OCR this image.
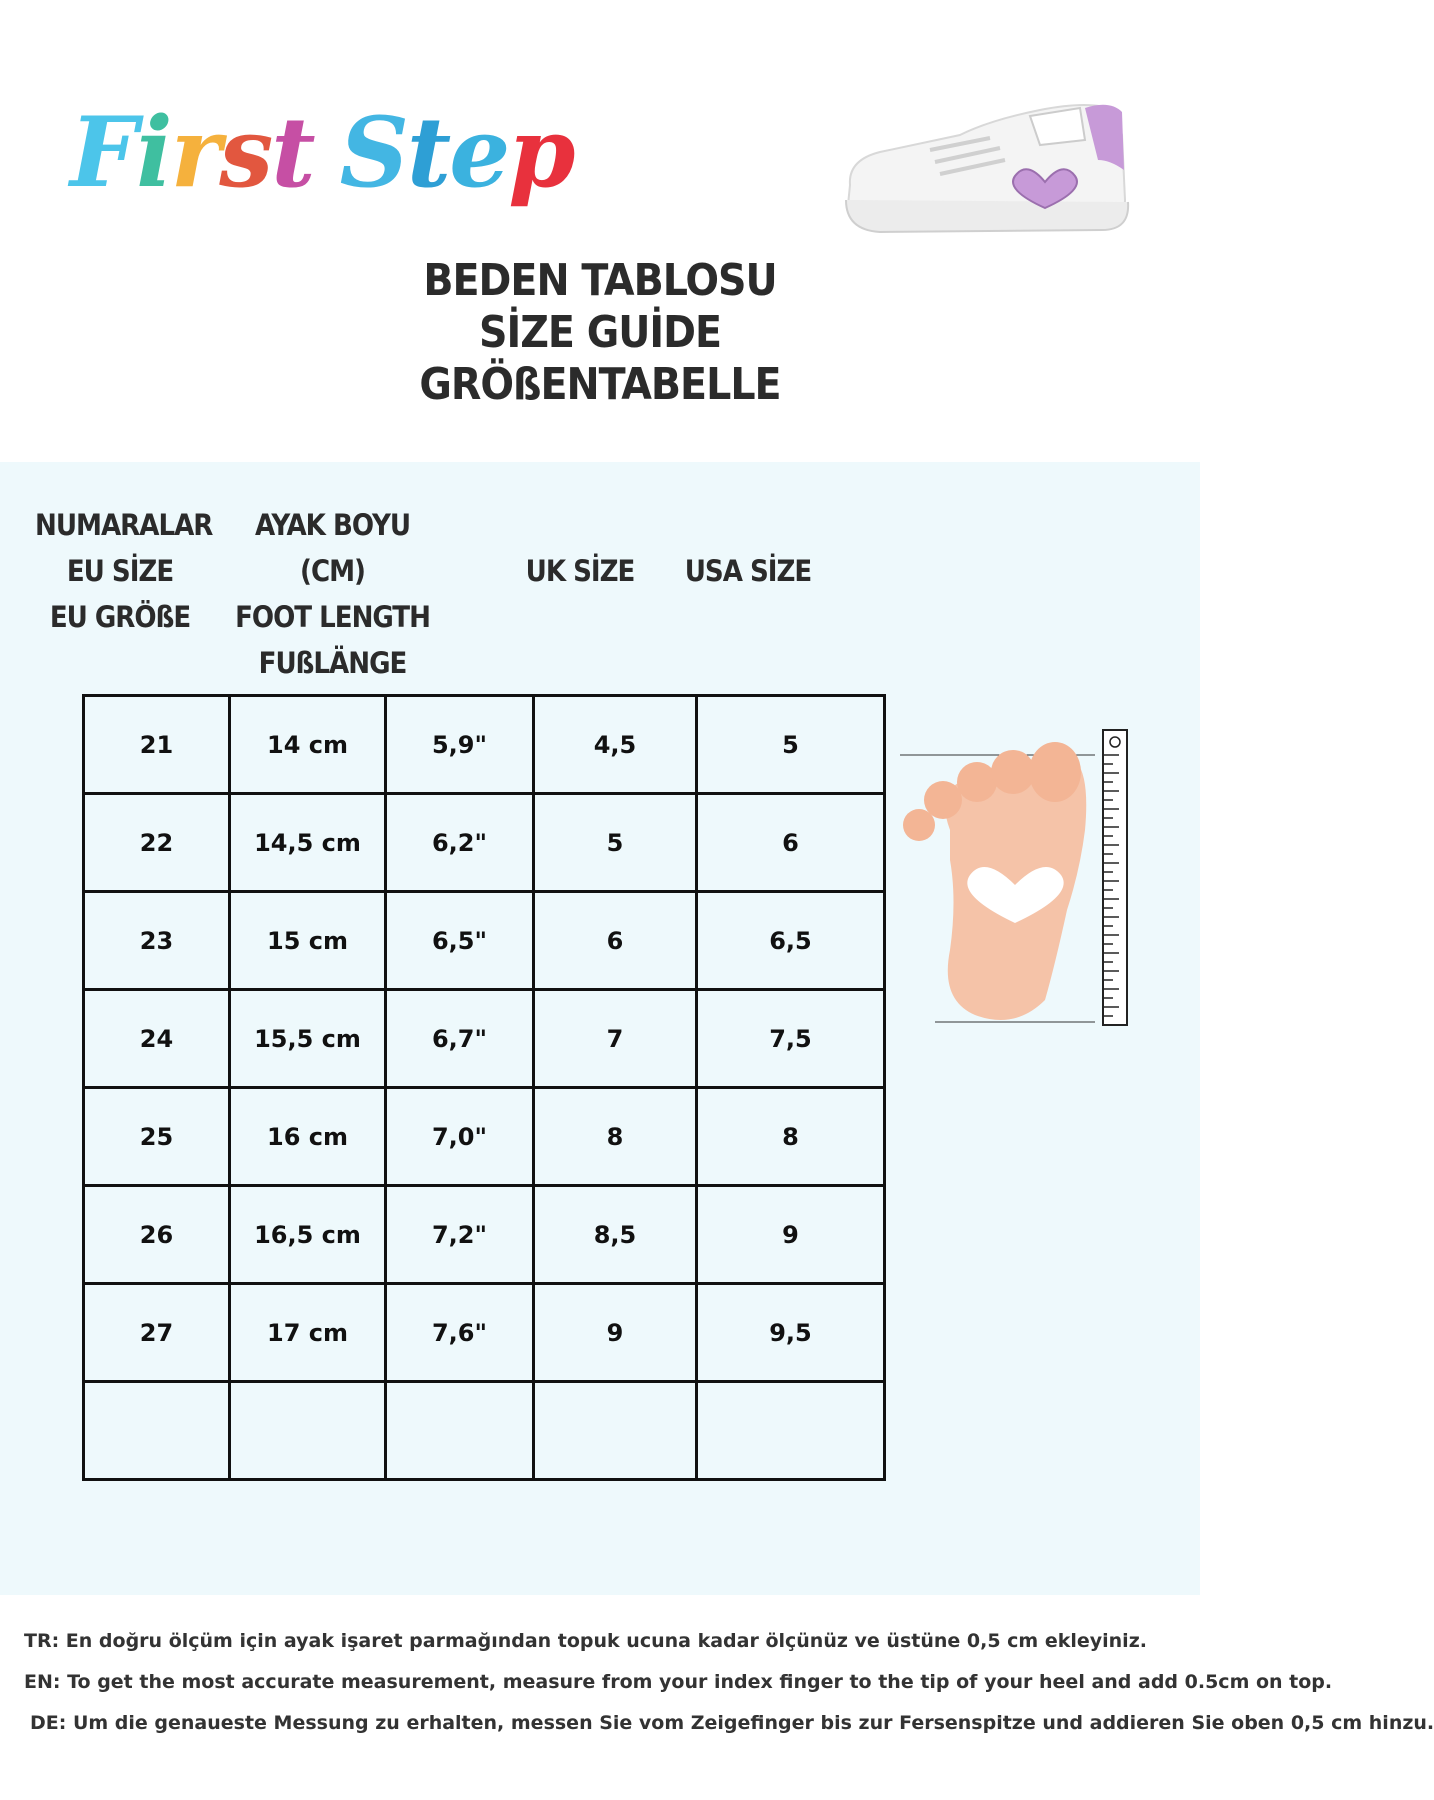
First Step
BEDEN TABLOSU
SİZE GUİDE
GRÖßENTABELLE
NUMARALAR
EU SİZE
EU GRÖßE
AYAK BOYU (CM)
FOOT LENGTH
FUßLÄNGE
UK SİZE USA SİZE
21	14 cm	5,9"	4,5	5
22	14,5 cm	6,2"	5	6
23	15 cm	6,5"	6	6,5
24	15,5 cm	6,7"	7	7,5
25	16 cm	7,0"	8	8
26	16,5 cm	7,2"	8,5	9
27	17 cm	7,6"	9	9,5

TR: En doğru ölçüm için ayak işaret parmağından topuk ucuna kadar ölçünüz ve üstüne 0,5 cm ekleyiniz.

EN: To get the most accurate measurement, measure from your index finger to the tip of your heel and add 0.5cm on top.

DE: Um die genaueste Messung zu erhalten, messen Sie vom Zeigefinger bis zur Fersenspitze und addieren Sie oben 0,5 cm hinzu.
